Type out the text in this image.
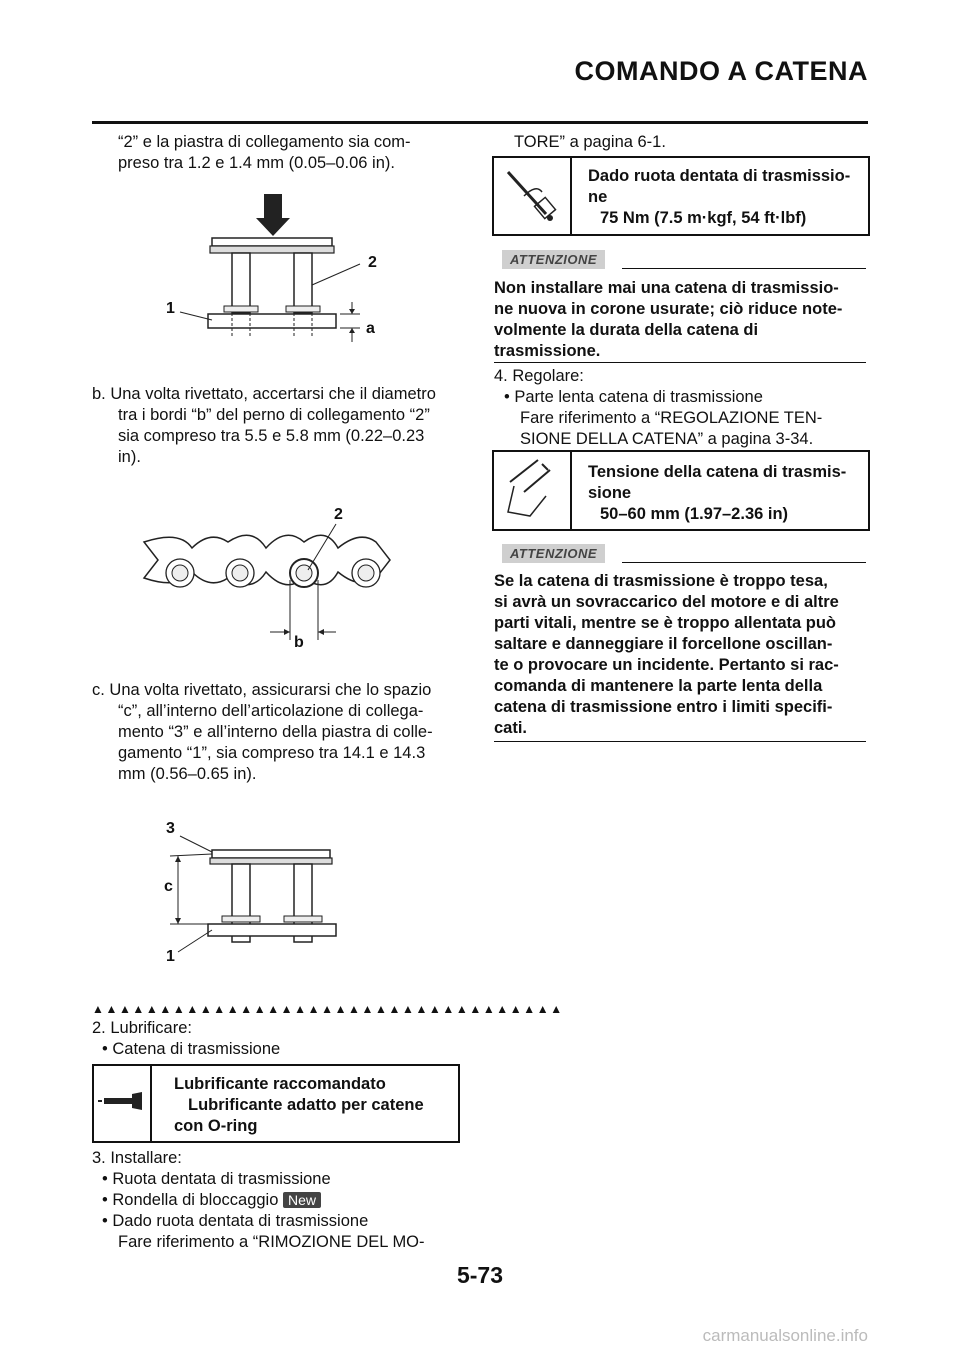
COMANDO A CATENA
“2” e la piastra di collegamento sia com-
preso tra 1.2 e 1.4 mm (0.05–0.06 in).
1
2
a
b. Una volta rivettato, accertarsi che il diametro
tra i bordi “b” del perno di collegamento “2”
sia compreso tra 5.5 e 5.8 mm (0.22–0.23
in).
2
b
c. Una volta rivettato, assicurarsi che lo spazio
“c”, all’interno dell’articolazione di collega-
mento “3” e all’interno della piastra di colle-
gamento “1”, sia compreso tra 14.1 e 14.3
mm (0.56–0.65 in).
3
c
1
▲▲▲▲▲▲▲▲▲▲▲▲▲▲▲▲▲▲▲▲▲▲▲▲▲▲▲▲▲▲▲▲▲▲▲
2. Lubrificare:
• Catena di trasmissione
Lubrificante raccomandato
Lubrificante adatto per catene
con O-ring
3. Installare:
• Ruota dentata di trasmissione
• Rondella di bloccaggio New
• Dado ruota dentata di trasmissione
Fare riferimento a “RIMOZIONE DEL MO-
TORE” a pagina 6-1.
Dado ruota dentata di trasmissio-
ne
75 Nm (7.5 m·kgf, 54 ft·lbf)
ATTENZIONE
Non installare mai una catena di trasmissio-
ne nuova in corone usurate; ciò riduce note-
volmente la durata della catena di
trasmissione.
4. Regolare:
• Parte lenta catena di trasmissione
Fare riferimento a “REGOLAZIONE TEN-
SIONE DELLA CATENA” a pagina 3-34.
Tensione della catena di trasmis-
sione
50–60 mm (1.97–2.36 in)
ATTENZIONE
Se la catena di trasmissione è troppo tesa,
si avrà un sovraccarico del motore e di altre
parti vitali, mentre se è troppo allentata può
saltare e danneggiare il forcellone oscillan-
te o provocare un incidente. Pertanto si rac-
comanda di mantenere la parte lenta della
catena di trasmissione entro i limiti specifi-
cati.
5-73
carmanualsonline.info
